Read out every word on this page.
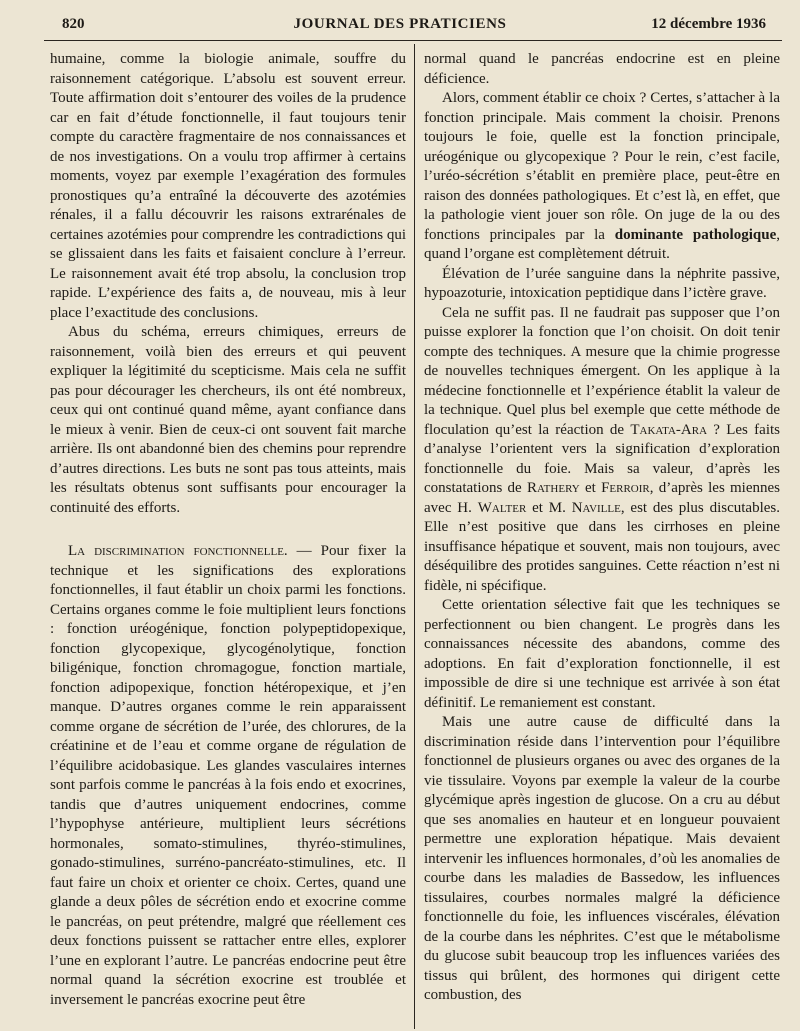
820	JOURNAL DES PRATICIENS	12 décembre 1936

humaine, comme la biologie animale, souffre du raisonnement catégorique. L’absolu est souvent erreur. Toute affirmation doit s’entourer des voiles de la prudence car en fait d’étude fonctionnelle, il faut toujours tenir compte du caractère fragmentaire de nos connaissances et de nos investigations. On a voulu trop affirmer à certains moments, voyez par exemple l’exagération des formules pronostiques qu’a entraîné la découverte des azotémies rénales, il a fallu découvrir les raisons extrarénales de certaines azotémies pour comprendre les contradictions qui se glissaient dans les faits et faisaient conclure à l’erreur. Le raisonnement avait été trop absolu, la conclusion trop rapide. L’expérience des faits a, de nouveau, mis à leur place l’exactitude des conclusions.

Abus du schéma, erreurs chimiques, erreurs de raisonnement, voilà bien des erreurs et qui peuvent expliquer la légitimité du scepticisme. Mais cela ne suffit pas pour décourager les chercheurs, ils ont été nombreux, ceux qui ont continué quand même, ayant confiance dans le mieux à venir. Bien de ceux-ci ont souvent fait marche arrière. Ils ont abandonné bien des chemins pour reprendre d’autres directions. Les buts ne sont pas tous atteints, mais les résultats obtenus sont suffisants pour encourager la continuité des efforts.

La discrimination fonctionnelle. — Pour fixer la technique et les significations des explorations fonctionnelles, il faut établir un choix parmi les fonctions. Certains organes comme le foie multiplient leurs fonctions : fonction uréogénique, fonction polypeptidopexique, fonction glycopexique, glycogénolytique, fonction biligénique, fonction chromagogue, fonction martiale, fonction adipopexique, fonction hétéropexique, et j’en manque. D’autres organes comme le rein apparaissent comme organe de sécrétion de l’urée, des chlorures, de la créatinine et de l’eau et comme organe de régulation de l’équilibre acidobasique. Les glandes vasculaires internes sont parfois comme le pancréas à la fois endo et exocrines, tandis que d’autres uniquement endocrines, comme l’hypophyse antérieure, multiplient leurs sécrétions hormonales, somato-stimulines, thyréo-stimulines, gonado-stimulines, surréno-pancréato-stimulines, etc. Il faut faire un choix et orienter ce choix. Certes, quand une glande a deux pôles de sécrétion endo et exocrine comme le pancréas, on peut prétendre, malgré que réellement ces deux fonctions puissent se rattacher entre elles, explorer l’une en explorant l’autre. Le pancréas endocrine peut être normal quand la sécrétion exocrine est troublée et inversement le pancréas exocrine peut être

normal quand le pancréas endocrine est en pleine déficience.

Alors, comment établir ce choix ? Certes, s’attacher à la fonction principale. Mais comment la choisir. Prenons toujours le foie, quelle est la fonction principale, uréogénique ou glycopexique ? Pour le rein, c’est facile, l’uréo-sécrétion s’établit en première place, peut-être en raison des données pathologiques. Et c’est là, en effet, que la pathologie vient jouer son rôle. On juge de la ou des fonctions principales par la dominante pathologique, quand l’organe est complètement détruit.

Élévation de l’urée sanguine dans la néphrite passive, hypoazoturie, intoxication peptidique dans l’ictère grave.

Cela ne suffit pas. Il ne faudrait pas supposer que l’on puisse explorer la fonction que l’on choisit. On doit tenir compte des techniques. A mesure que la chimie progresse de nouvelles techniques émergent. On les applique à la médecine fonctionnelle et l’expérience établit la valeur de la technique. Quel plus bel exemple que cette méthode de floculation qu’est la réaction de Takata-Ara ? Les faits d’analyse l’orientent vers la signification d’exploration fonctionnelle du foie. Mais sa valeur, d’après les constatations de Rathery et Ferroir, d’après les miennes avec H. Walter et M. Naville, est des plus discutables. Elle n’est positive que dans les cirrhoses en pleine insuffisance hépatique et souvent, mais non toujours, avec déséquilibre des protides sanguines. Cette réaction n’est ni fidèle, ni spécifique.

Cette orientation sélective fait que les techniques se perfectionnent ou bien changent. Le progrès dans les connaissances nécessite des abandons, comme des adoptions. En fait d’exploration fonctionnelle, il est impossible de dire si une technique est arrivée à son état définitif. Le remaniement est constant.

Mais une autre cause de difficulté dans la discrimination réside dans l’intervention pour l’équilibre fonctionnel de plusieurs organes ou avec des organes de la vie tissulaire. Voyons par exemple la valeur de la courbe glycémique après ingestion de glucose. On a cru au début que ses anomalies en hauteur et en longueur pouvaient permettre une exploration hépatique. Mais devaient intervenir les influences hormonales, d’où les anomalies de courbe dans les maladies de Bassedow, les influences tissulaires, courbes normales malgré la déficience fonctionnelle du foie, les influences viscérales, élévation de la courbe dans les néphrites. C’est que le métabolisme du glucose subit beaucoup trop les influences variées des tissus qui brûlent, des hormones qui dirigent cette combustion, des
